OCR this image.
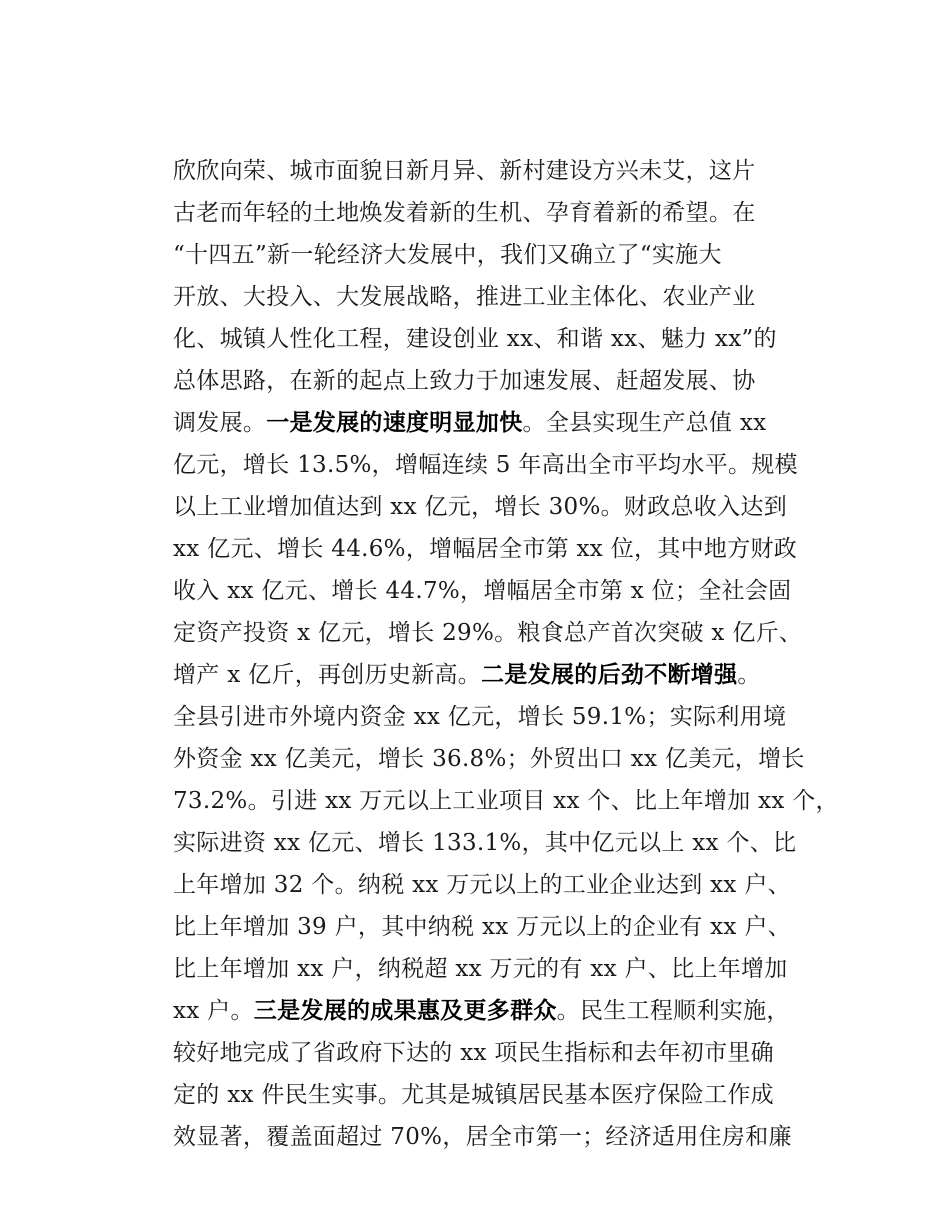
欣欣向荣、城市面貌日新月异、新村建设方兴未艾，这片
古老而年轻的土地焕发着新的生机、孕育着新的希望。在
“十四五”新一轮经济大发展中，我们又确立了“实施大
开放、大投入、大发展战略，推进工业主体化、农业产业
化、城镇人性化工程，建设创业 xx、和谐 xx、魅力 xx”的
总体思路，在新的起点上致力于加速发展、赶超发展、协
调发展。一是发展的速度明显加快。全县实现生产总值 xx
亿元，增长 13.5%，增幅连续 5 年高出全市平均水平。规模
以上工业增加值达到 xx 亿元，增长 30%。财政总收入达到
xx 亿元、增长 44.6%，增幅居全市第 xx 位，其中地方财政
收入 xx 亿元、增长 44.7%，增幅居全市第 x 位；全社会固
定资产投资 x 亿元，增长 29%。粮食总产首次突破 x 亿斤、
增产 x 亿斤，再创历史新高。二是发展的后劲不断增强。
全县引进市外境内资金 xx 亿元，增长 59.1%；实际利用境
外资金 xx 亿美元，增长 36.8%；外贸出口 xx 亿美元，增长
73.2%。引进 xx 万元以上工业项目 xx 个、比上年增加 xx 个，
实际进资 xx 亿元、增长 133.1%，其中亿元以上 xx 个、比
上年增加 32 个。纳税 xx 万元以上的工业企业达到 xx 户、
比上年增加 39 户，其中纳税 xx 万元以上的企业有 xx 户、
比上年增加 xx 户，纳税超 xx 万元的有 xx 户、比上年增加
xx 户。三是发展的成果惠及更多群众。民生工程顺利实施，
较好地完成了省政府下达的 xx 项民生指标和去年初市里确
定的 xx 件民生实事。尤其是城镇居民基本医疗保险工作成
效显著，覆盖面超过 70%，居全市第一；经济适用住房和廉
